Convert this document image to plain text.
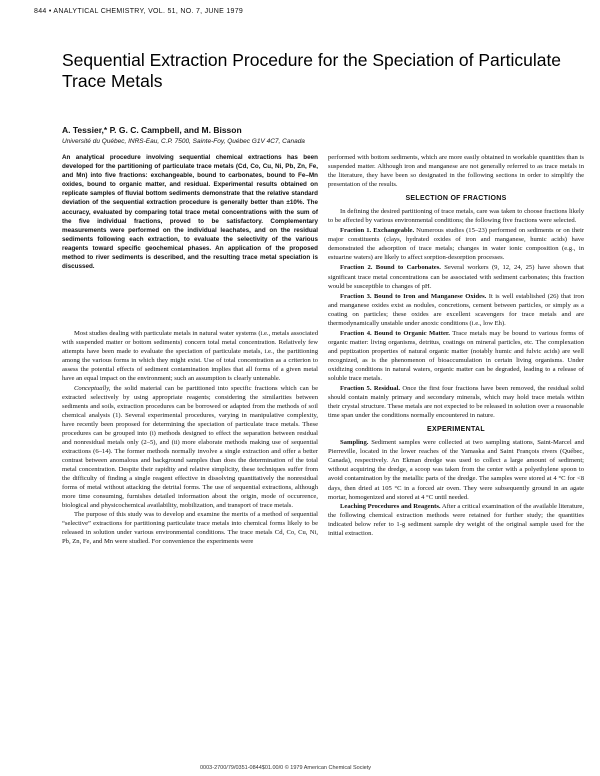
844 • ANALYTICAL CHEMISTRY, VOL. 51, NO. 7, JUNE 1979
Sequential Extraction Procedure for the Speciation of Particulate Trace Metals
A. Tessier,* P. G. C. Campbell, and M. Bisson
Université du Québec, INRS-Eau, C.P. 7500, Sainte-Foy, Québec G1V 4C7, Canada

An analytical procedure involving sequential chemical extractions has been developed for the partitioning of particulate trace metals (Cd, Co, Cu, Ni, Pb, Zn, Fe, and Mn) into five fractions: exchangeable, bound to carbonates, bound to Fe–Mn oxides, bound to organic matter, and residual. Experimental results obtained on replicate samples of fluvial bottom sediments demonstrate that the relative standard deviation of the sequential extraction procedure is generally better than ±10%. The accuracy, evaluated by comparing total trace metal concentrations with the sum of the five individual fractions, proved to be satisfactory. Complementary measurements were performed on the individual leachates, and on the residual sediments following each extraction, to evaluate the selectivity of the various reagents toward specific geochemical phases. An application of the proposed method to river sediments is described, and the resulting trace metal speciation is discussed.

Most studies dealing with particulate metals in natural water systems (i.e., metals associated with suspended matter or bottom sediments) concern total metal concentration. Relatively few attempts have been made to evaluate the speciation of particulate metals, i.e., the partitioning among the various forms in which they might exist. Use of total concentration as a criterion to assess the potential effects of sediment contamination implies that all forms of a given metal have an equal impact on the environment; such an assumption is clearly untenable.

Conceptually, the solid material can be partitioned into specific fractions which can be extracted selectively by using appropriate reagents; considering the similarities between sediments and soils, extraction procedures can be borrowed or adapted from the methods of soil chemical analysis (1). Several experimental procedures, varying in manipulative complexity, have recently been proposed for determining the speciation of particulate trace metals. These procedures can be grouped into (i) methods designed to effect the separation between residual and nonresidual metals only (2–5), and (ii) more elaborate methods making use of sequential extractions (6–14). The former methods normally involve a single extraction and offer a better contrast between anomalous and background samples than does the determination of the total metal concentration. Despite their rapidity and relative simplicity, these techniques suffer from the difficulty of finding a single reagent effective in dissolving quantitatively the nonresidual forms of metal without attacking the detrital forms. The use of sequential extractions, although more time consuming, furnishes detailed information about the origin, mode of occurrence, biological and physicochemical availability, mobilization, and transport of trace metals.

The purpose of this study was to develop and examine the merits of a method of sequential “selective” extractions for partitioning particulate trace metals into chemical forms likely to be released in solution under various environmental conditions. The trace metals Cd, Co, Cu, Ni, Pb, Zn, Fe, and Mn were studied. For convenience the experiments were

performed with bottom sediments, which are more easily obtained in workable quantities than is suspended matter. Although iron and manganese are not generally referred to as trace metals in the literature, they have been so designated in the following sections in order to simplify the presentation of the results.

SELECTION OF FRACTIONS

In defining the desired partitioning of trace metals, care was taken to choose fractions likely to be affected by various environmental conditions; the following five fractions were selected.

Fraction 1. Exchangeable. Numerous studies (15–23) performed on sediments or on their major constituents (clays, hydrated oxides of iron and manganese, humic acids) have demonstrated the adsorption of trace metals; changes in water ionic composition (e.g., in estuarine waters) are likely to affect sorption-desorption processes.

Fraction 2. Bound to Carbonates. Several workers (9, 12, 24, 25) have shown that significant trace metal concentrations can be associated with sediment carbonates; this fraction would be susceptible to changes of pH.

Fraction 3. Bound to Iron and Manganese Oxides. It is well established (26) that iron and manganese oxides exist as nodules, concretions, cement between particles, or simply as a coating on particles; these oxides are excellent scavengers for trace metals and are thermodynamically unstable under anoxic conditions (i.e., low Eh).

Fraction 4. Bound to Organic Matter. Trace metals may be bound to various forms of organic matter: living organisms, detritus, coatings on mineral particles, etc. The complexation and peptization properties of natural organic matter (notably humic and fulvic acids) are well recognized, as is the phenomenon of bioaccumulation in certain living organisms. Under oxidizing conditions in natural waters, organic matter can be degraded, leading to a release of soluble trace metals.

Fraction 5. Residual. Once the first four fractions have been removed, the residual solid should contain mainly primary and secondary minerals, which may hold trace metals within their crystal structure. These metals are not expected to be released in solution over a reasonable time span under the conditions normally encountered in nature.

EXPERIMENTAL

Sampling. Sediment samples were collected at two sampling stations, Saint-Marcel and Pierreville, located in the lower reaches of the Yamaska and Saint François rivers (Québec, Canada), respectively. An Ekman dredge was used to collect a large amount of sediment; without acquiring the dredge, a scoop was taken from the center with a polyethylene spoon to avoid contamination by the metallic parts of the dredge. The samples were stored at 4 °C for <8 days, then dried at 105 °C in a forced air oven. They were subsequently ground in an agate mortar, homogenized and stored at 4 °C until needed.

Leaching Procedures and Reagents. After a critical examination of the available literature, the following chemical extraction methods were retained for further study; the quantities indicated below refer to 1-g sediment sample dry weight of the original sample used for the initial extraction.

0003-2700/79/0351-0844$01.00/0 © 1979 American Chemical Society
